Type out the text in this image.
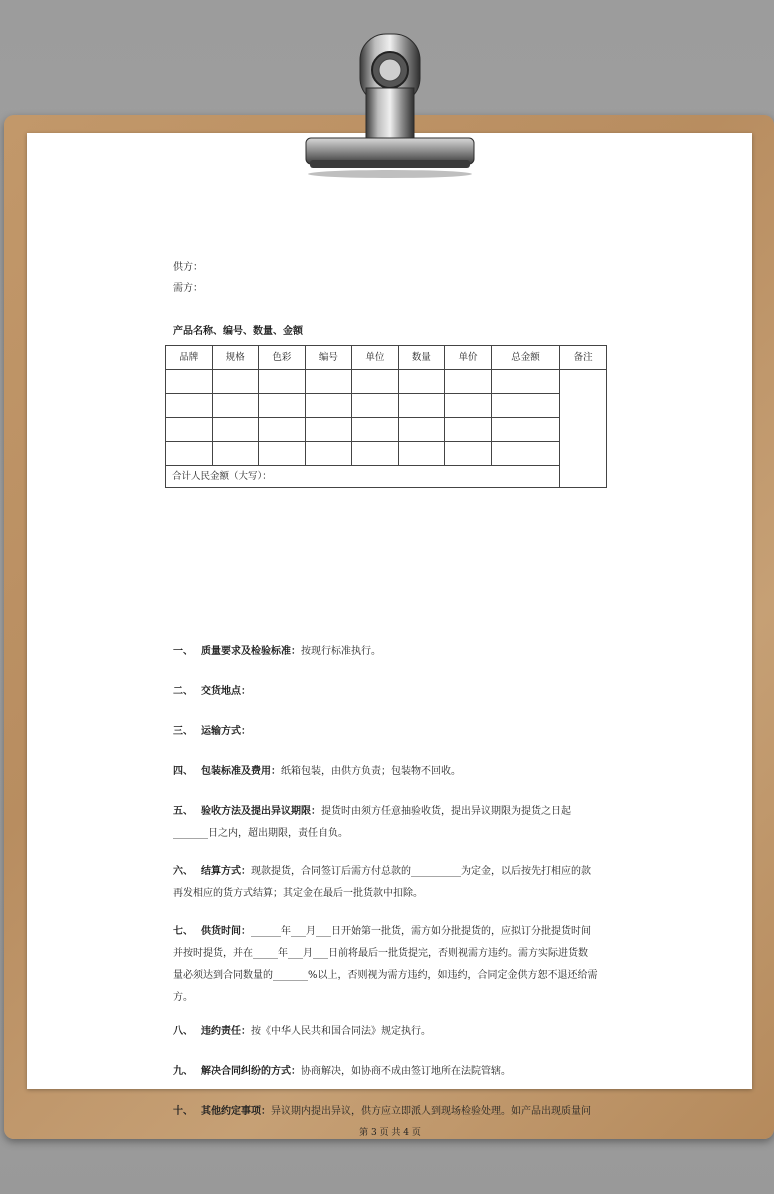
供方：
需方：
产品名称、编号、数量、金额
品牌	规格	色彩	编号	单位	数量	单价	总金额	备注

合计人民金额（大写）：								
一、 质量要求及检验标准：按现行标准执行。
二、 交货地点：
三、 运输方式：
四、 包装标准及费用：纸箱包装，由供方负责；包装物不回收。
五、 验收方法及提出异议期限：提货时由须方任意抽验收货，提出异议期限为提货之日起
_______日之内，超出期限，责任自负。
六、 结算方式：现款提货，合同签订后需方付总款的__________为定金，以后按先打相应的款
再发相应的货方式结算；其定金在最后一批货款中扣除。
七、 供货时间：______年___月___日开始第一批货，需方如分批提货的，应拟订分批提货时间
并按时提货，并在_____年___月___日前将最后一批货提完，否则视需方违约。需方实际进货数
量必须达到合同数量的_______%以上，否则视为需方违约，如违约，合同定金供方恕不退还给需
方。
八、 违约责任：按《中华人民共和国合同法》规定执行。
九、 解决合同纠纷的方式：协商解决，如协商不成由签订地所在法院管辖。
十、 其他约定事项：异议期内提出异议，供方应立即派人到现场检验处理。如产品出现质量问
第 3 页 共 4 页
